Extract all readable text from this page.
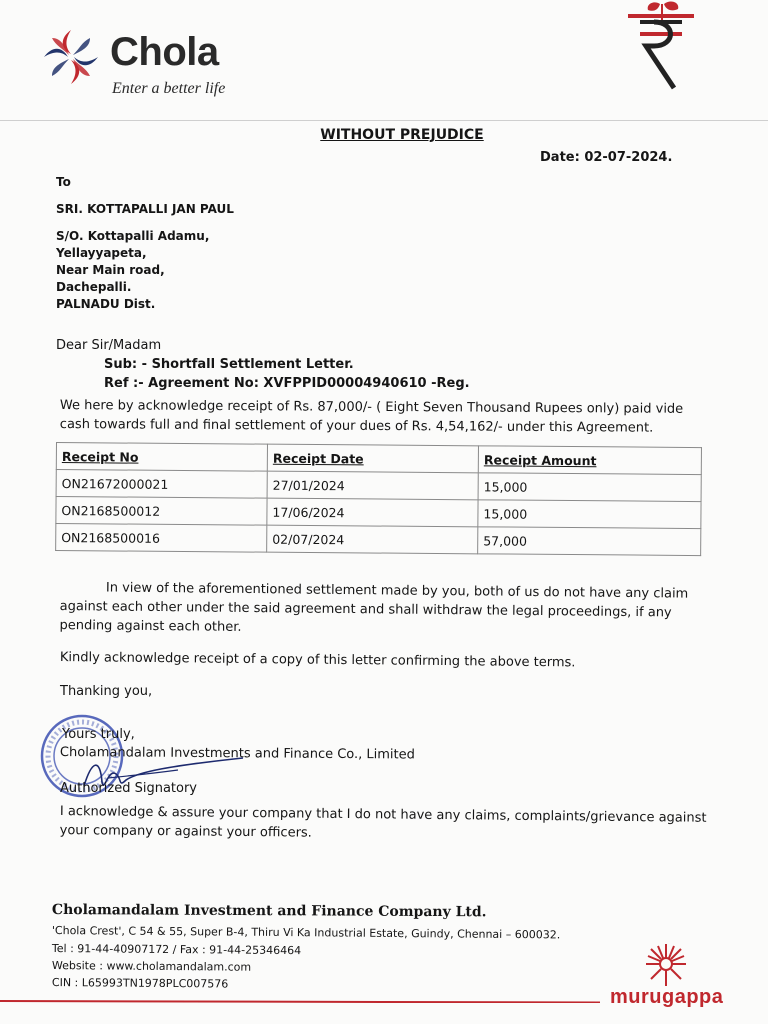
Chola
Enter a better life
WITHOUT PREJUDICE
Date: 02-07-2024.
To
SRI. KOTTAPALLI JAN PAUL
S/O. Kottapalli Adamu,
Yellayyapeta,
Near Main road,
Dachepalli.
PALNADU Dist.
Dear Sir/Madam
Sub: - Shortfall Settlement Letter.
Ref :- Agreement No: XVFPPID00004940610 -Reg.
We here by acknowledge receipt of Rs. 87,000/- ( Eight Seven Thousand Rupees only) paid vide cash towards full and final settlement of your dues of Rs. 4,54,162/- under this Agreement.
Receipt No	Receipt Date	Receipt Amount
ON21672000021	27/01/2024	15,000
ON2168500012	17/06/2024	15,000
ON2168500016	02/07/2024	57,000
In view of the aforementioned settlement made by you, both of us do not have any claim against each other under the said agreement and shall withdraw the legal proceedings, if any pending against each other.
Kindly acknowledge receipt of a copy of this letter confirming the above terms.
Thanking you,
Yours truly,
Cholamandalam Investments and Finance Co., Limited
Authorized Signatory
I acknowledge & assure your company that I do not have any claims, complaints/grievance against your company or against your officers.
Cholamandalam Investment and Finance Company Ltd.
'Chola Crest', C 54 & 55, Super B-4, Thiru Vi Ka Industrial Estate, Guindy, Chennai – 600032.
Tel : 91-44-40907172 / Fax : 91-44-25346464
Website : www.cholamandalam.com
CIN : L65993TN1978PLC007576
murugappa
